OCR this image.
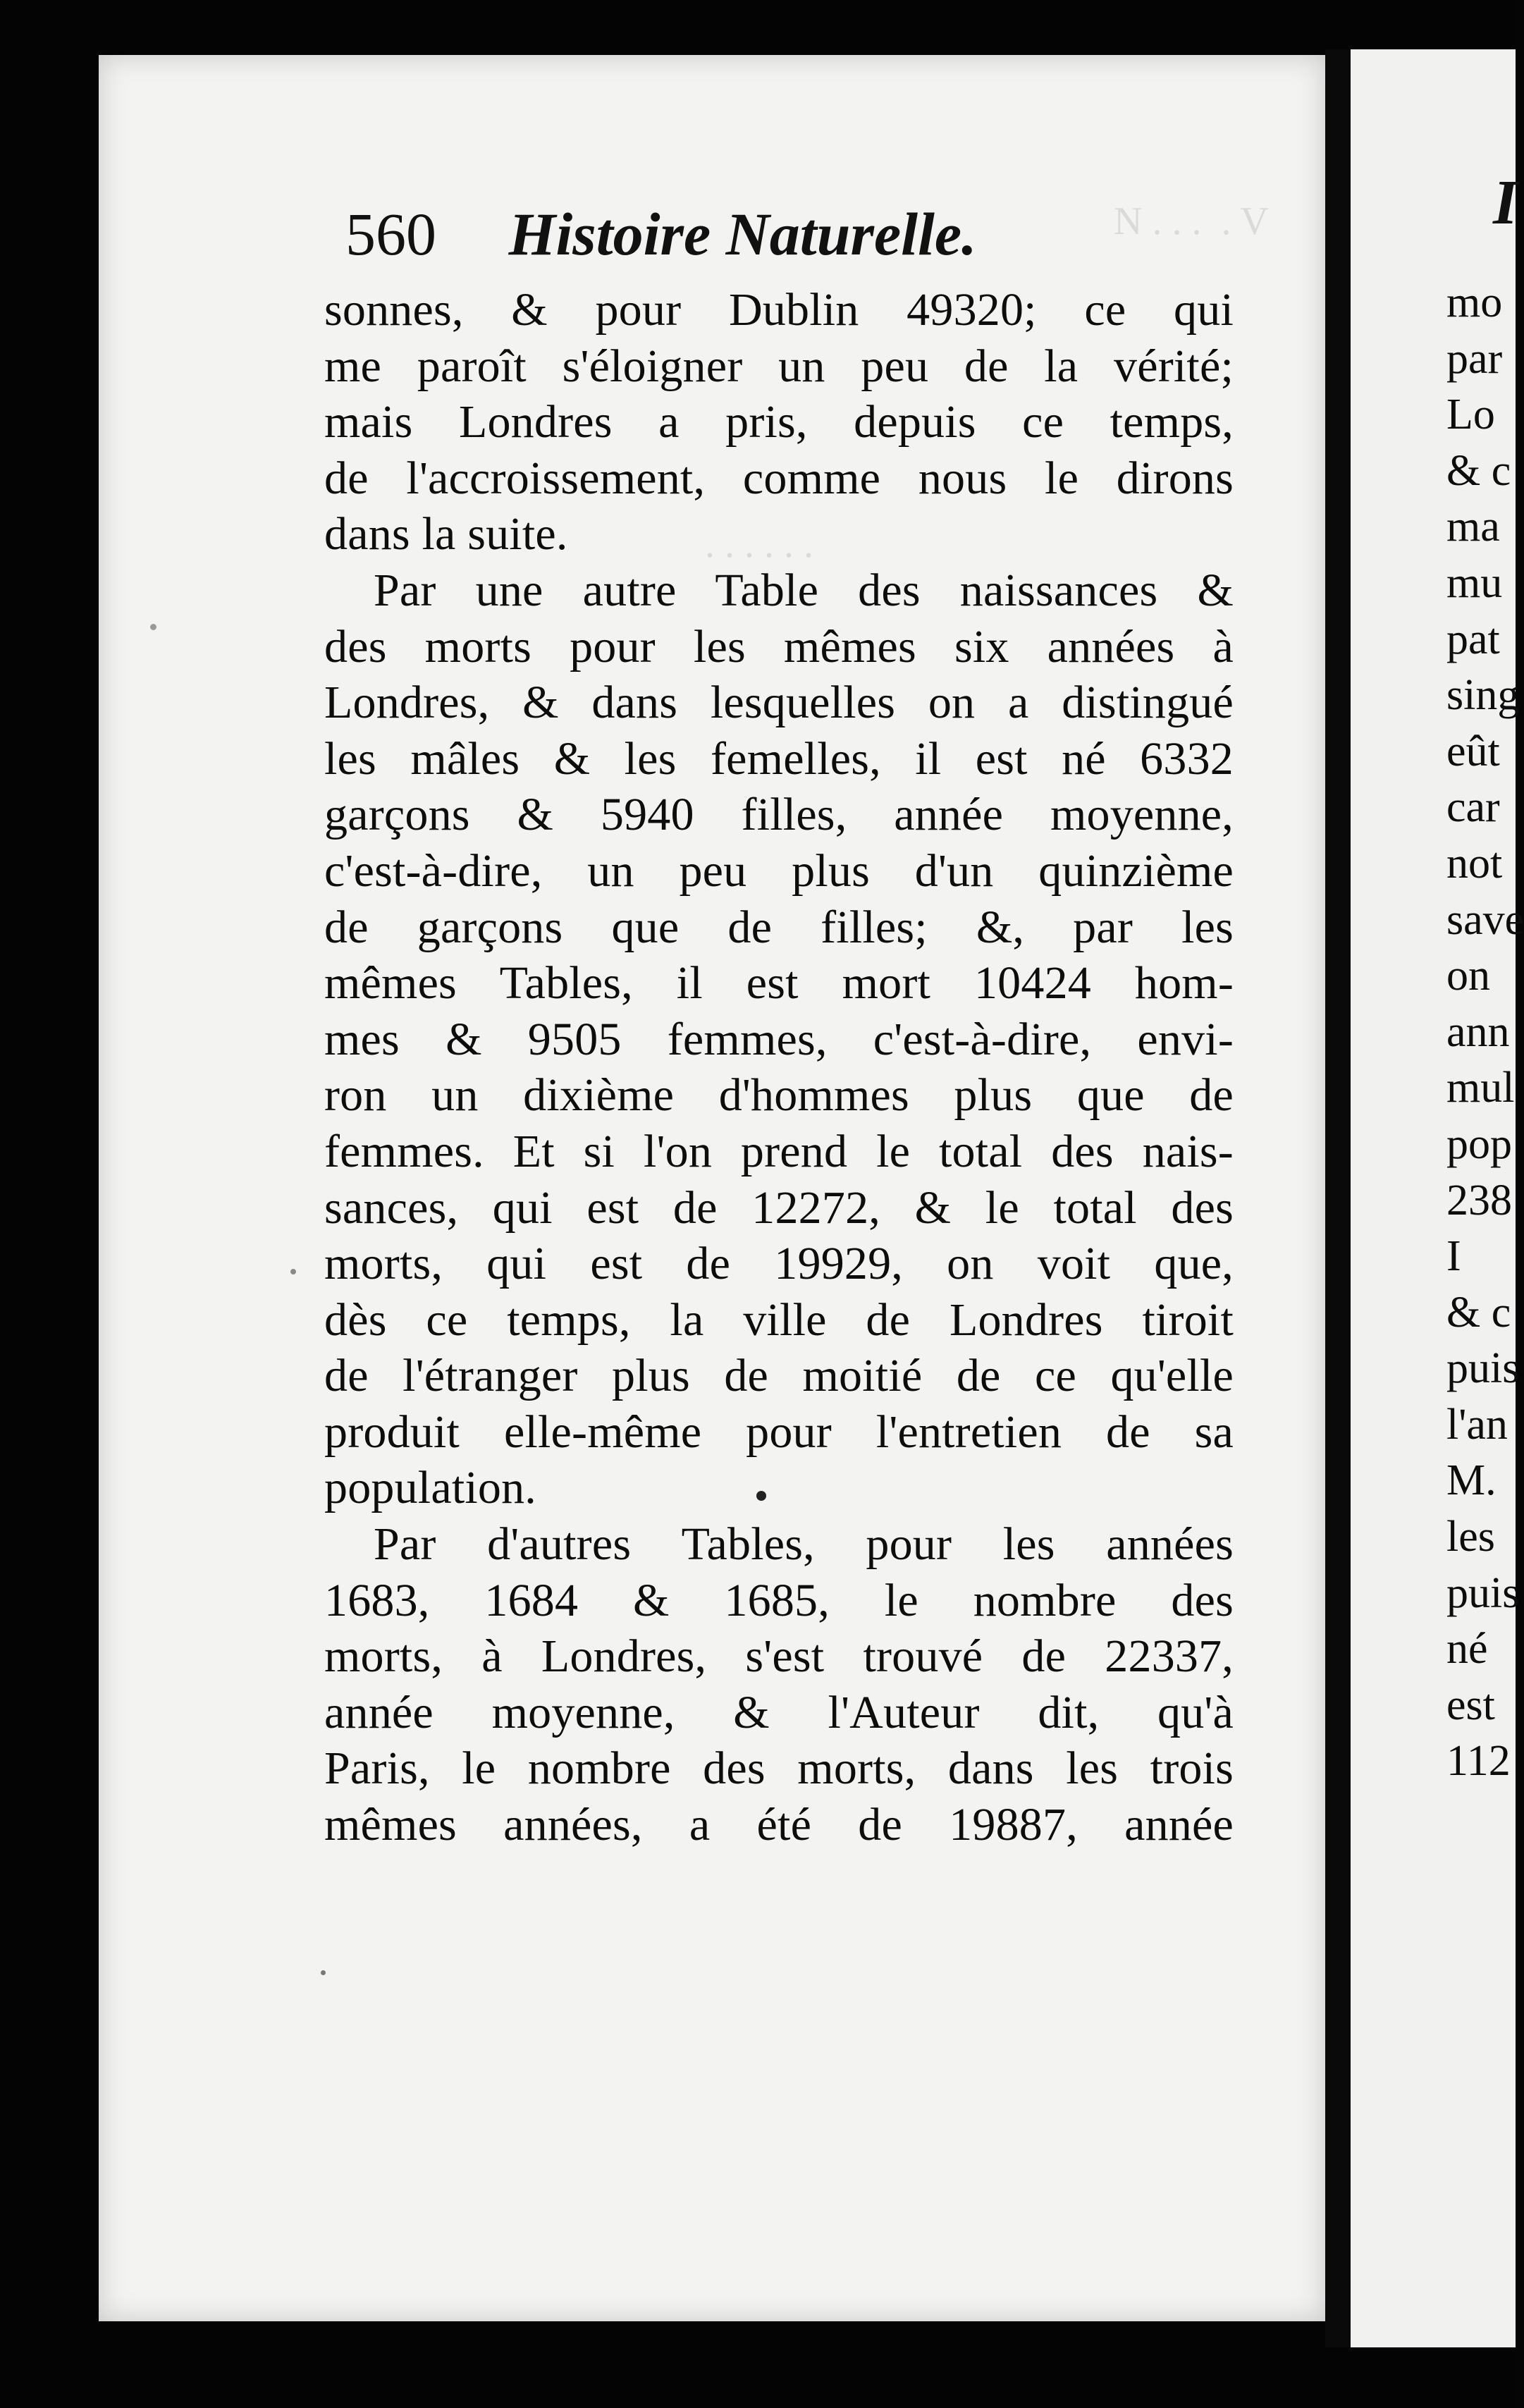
N . . .  . V
. . . . . .
560 Histoire Naturelle.
sonnes, & pour Dublin 49320; ce qui
me paroît s'éloigner un peu de la vérité;
mais Londres a pris, depuis ce temps,
de l'accroissement, comme nous le dirons
dans la suite.
Par une autre Table des naissances &
des morts pour les mêmes six années à
Londres, & dans lesquelles on a distingué
les mâles & les femelles, il est né 6332
garçons & 5940 filles, année moyenne,
c'est-à-dire, un peu plus d'un quinzième
de garçons que de filles; &, par les
mêmes Tables, il est mort 10424 hom-
mes & 9505 femmes, c'est-à-dire, envi-
ron un dixième d'hommes plus que de
femmes. Et si l'on prend le total des nais-
sances, qui est de 12272, & le total des
morts, qui est de 19929, on voit que,
dès ce temps, la ville de Londres tiroit
de l'étranger plus de moitié de ce qu'elle
produit elle-même pour l'entretien de sa
population.
Par d'autres Tables, pour les années
1683, 1684 & 1685, le nombre des
morts, à Londres, s'est trouvé de 22337,
année moyenne, & l'Auteur dit, qu'à
Paris, le nombre des morts, dans les trois
mêmes années, a été de 19887, année
I
mo
par
Lo
& c
ma
mu
pat
sing
eût
car
not
save
on
ann
mul
pop
238
I
& c
puis
l'an
M.
les
puis
né
est
112
